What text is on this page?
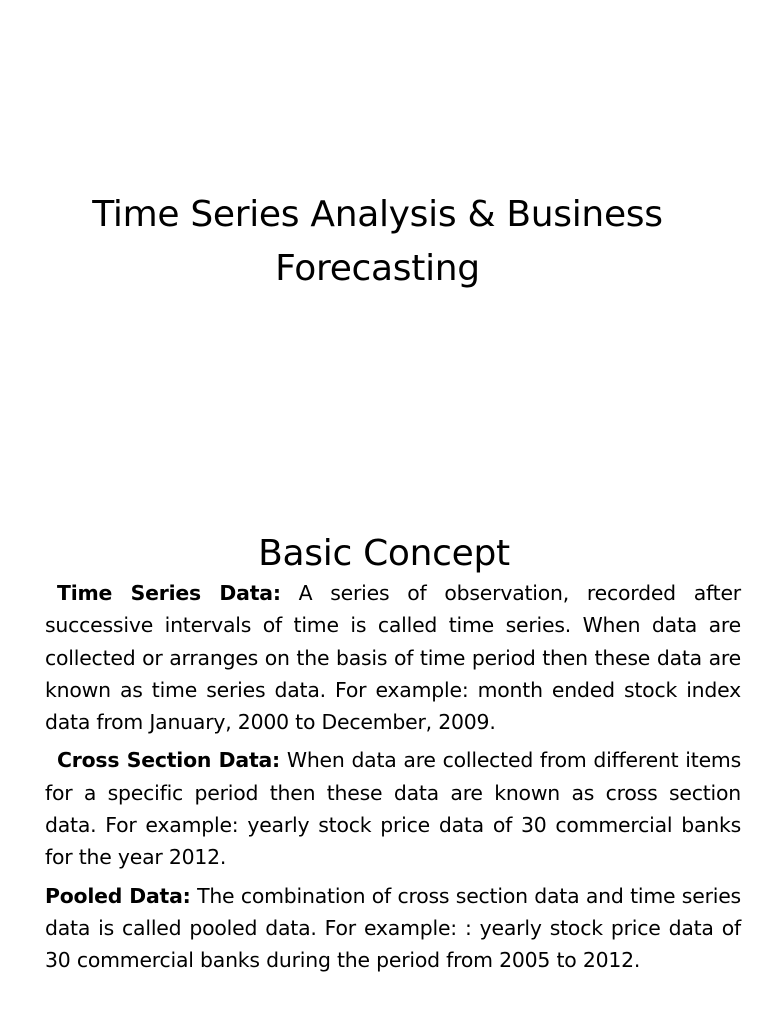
Time Series Analysis & Business
Forecasting
Basic Concept

Time Series Data: A series of observation, recorded after successive intervals of time is called time series. When data are collected or arranges on the basis of time period then these data are known as time series data. For example: month ended stock index data from January, 2000 to December, 2009.

Cross Section Data: When data are collected from different items for a specific period then these data are known as cross section data. For example: yearly stock price data of 30 commercial banks for the year 2012.

Pooled Data: The combination of cross section data and time series data is called pooled data. For example: : yearly stock price data of 30 commercial banks during the period from 2005 to 2012.
